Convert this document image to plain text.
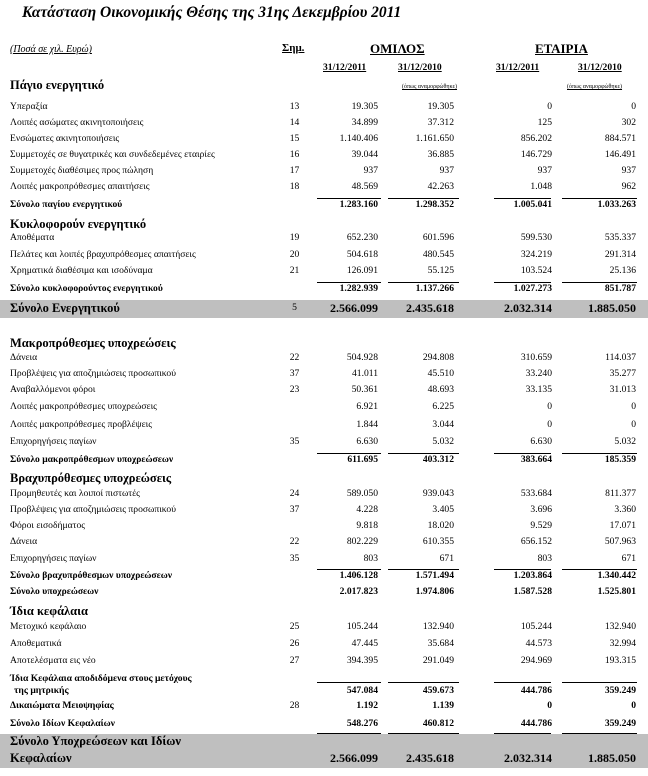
Κατάσταση Οικονομικής Θέσης της 31ης Δεκεμβρίου 2011
(Ποσά σε χιλ. Ευρώ)	Σημ.	ΟΜΙΛΟΣ	ΕΤΑΙΡΙΑ
31/12/2011	31/12/2010	31/12/2011	31/12/2010
(όπως αναμορφώθηκε)	(όπως αναμορφώθηκε)
Πάγιο ενεργητικό
Υπεραξία	13	19.305	19.305	0	0
Λοιπές ασώματες ακινητοποιήσεις	14	34.899	37.312	125	302
Ενσώματες ακινητοποιήσεις	15	1.140.406	1.161.650	856.202	884.571
Συμμετοχές σε θυγατρικές και συνδεδεμένες εταιρίες	16	39.044	36.885	146.729	146.491
Συμμετοχές διαθέσιμες προς πώληση	17	937	937	937	937
Λοιπές μακροπρόθεσμες απαιτήσεις	18	48.569	42.263	1.048	962
Σύνολο παγίου ενεργητικού	1.283.160	1.298.352	1.005.041	1.033.263
Κυκλοφορούν ενεργητικό
Αποθέματα	19	652.230	601.596	599.530	535.337
Πελάτες και λοιπές βραχυπρόθεσμες απαιτήσεις	20	504.618	480.545	324.219	291.314
Χρηματικά διαθέσιμα και ισοδύναμα	21	126.091	55.125	103.524	25.136
Σύνολο κυκλοφορούντος ενεργητικού	1.282.939	1.137.266	1.027.273	851.787
Σύνολο Ενεργητικού	5	2.566.099 2.435.618	2.032.314	1.885.050
Μακροπρόθεσμες υποχρεώσεις
Δάνεια	22	504.928	294.808	310.659	114.037
Προβλέψεις για αποζημιώσεις προσωπικού	37	41.011	45.510	33.240	35.277
Αναβαλλόμενοι φόροι	23	50.361	48.693	33.135	31.013
Λοιπές μακροπρόθεσμες υποχρεώσεις	6.921	6.225	0	0
Λοιπές μακροπρόθεσμες προβλέψεις	1.844	3.044	0	0
Επιχορηγήσεις παγίων	35	6.630	5.032	6.630	5.032
Σύνολο μακροπρόθεσμων υποχρεώσεων	611.695	403.312	383.664	185.359
Βραχυπρόθεσμες υποχρεώσεις
Προμηθευτές και λοιποί πιστωτές	24	589.050	939.043	533.684	811.377
Προβλέψεις για αποζημιώσεις προσωπικού	37	4.228	3.405	3.696	3.360
Φόροι εισοδήματος	9.818	18.020	9.529	17.071
Δάνεια	22	802.229	610.355	656.152	507.963
Επιχορηγήσεις παγίων	35	803	671	803	671
Σύνολο βραχυπρόθεσμων υποχρεώσεων	1.406.128	1.571.494	1.203.864	1.340.442
Σύνολο υποχρεώσεων	2.017.823	1.974.806	1.587.528	1.525.801
Ίδια κεφάλαια
Μετοχικό κεφάλαιο	25	105.244	132.940	105.244	132.940
Αποθεματικά	26	47.445	35.684	44.573	32.994
Αποτελέσματα εις νέο	27	394.395	291.049	294.969	193.315
Ίδια Κεφάλαια αποδιδόμενα στους μετόχους
της μητρικής	547.084	459.673	444.786	359.249
Δικαιώματα Μειοψηφίας	28	1.192	1.139	0	0
Σύνολο Ιδίων Κεφαλαίων	548.276	460.812	444.786	359.249
Σύνολο Υποχρεώσεων και Ιδίων
Κεφαλαίων	2.566.099 2.435.618	2.032.314	1.885.050
